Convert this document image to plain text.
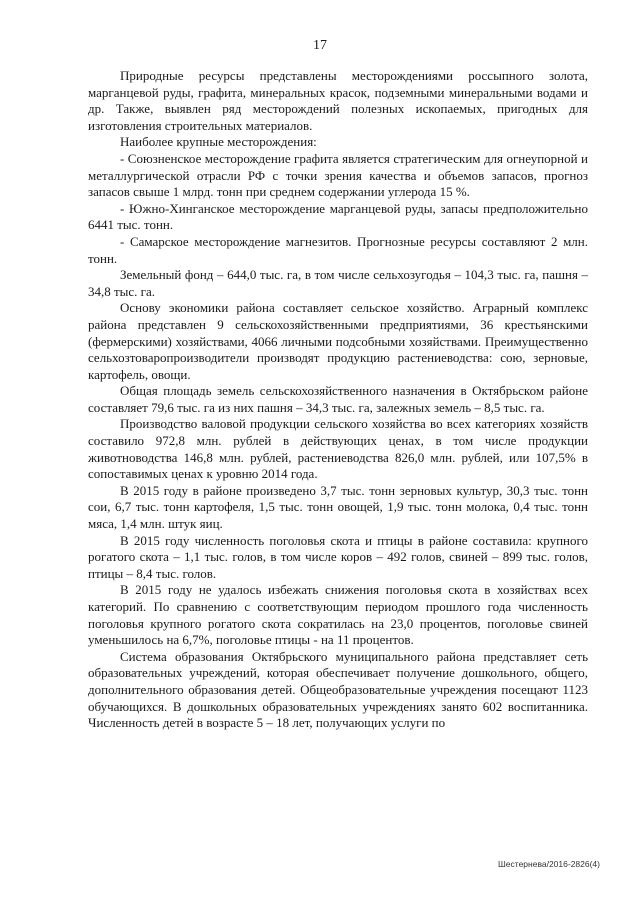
17

Природные ресурсы представлены месторождениями россыпного золота, марганцевой руды, графита, минеральных красок, подземными минеральными водами и др. Также, выявлен ряд месторождений полезных ископаемых, пригодных для изготовления строительных материалов.

Наиболее крупные месторождения:

- Союзненское месторождение графита является стратегическим для огнеупорной и металлургической отрасли РФ с точки зрения качества и объемов запасов, прогноз запасов свыше 1 млрд. тонн при среднем содержании углерода 15 %.

- Южно-Хинганское месторождение марганцевой руды, запасы предположительно 6441 тыс. тонн.

- Самарское месторождение магнезитов. Прогнозные ресурсы составляют 2 млн. тонн.

Земельный фонд – 644,0 тыс. га, в том числе сельхозугодья – 104,3 тыс. га, пашня – 34,8 тыс. га.

Основу экономики района составляет сельское хозяйство. Аграрный комплекс района представлен 9 сельскохозяйственными предприятиями, 36 крестьянскими (фермерскими) хозяйствами, 4066 личными подсобными хозяйствами. Преимущественно сельхозтоваропроизводители производят продукцию растениеводства: сою, зерновые, картофель, овощи.

Общая площадь земель сельскохозяйственного назначения в Октябрьском районе составляет 79,6 тыс. га из них пашня – 34,3 тыс. га, залежных земель – 8,5 тыс. га.

Производство валовой продукции сельского хозяйства во всех категориях хозяйств составило 972,8 млн. рублей в действующих ценах, в том числе продукции животноводства 146,8 млн. рублей, растениеводства 826,0 млн. рублей, или 107,5% в сопоставимых ценах к уровню 2014 года.

В 2015 году в районе произведено 3,7 тыс. тонн зерновых культур, 30,3 тыс. тонн сои, 6,7 тыс. тонн картофеля, 1,5 тыс. тонн овощей, 1,9 тыс. тонн молока, 0,4 тыс. тонн мяса, 1,4 млн. штук яиц.

В 2015 году численность поголовья скота и птицы в районе составила: крупного рогатого скота – 1,1 тыс. голов, в том числе коров – 492 голов, свиней – 899 тыс. голов, птицы – 8,4 тыс. голов.

В 2015 году не удалось избежать снижения поголовья скота в хозяйствах всех категорий. По сравнению с соответствующим периодом прошлого года численность поголовья крупного рогатого скота сократилась на 23,0 процентов, поголовье свиней уменьшилось на 6,7%, поголовье птицы - на 11 процентов.

Система образования Октябрьского муниципального района представляет сеть образовательных учреждений, которая обеспечивает получение дошкольного, общего, дополнительного образования детей. Общеобразовательные учреждения посещают 1123 обучающихся. В дошкольных образовательных учреждениях занято 602 воспитанника. Численность детей в возрасте 5 – 18 лет, получающих услуги по

Шестернева/2016-2826(4)
